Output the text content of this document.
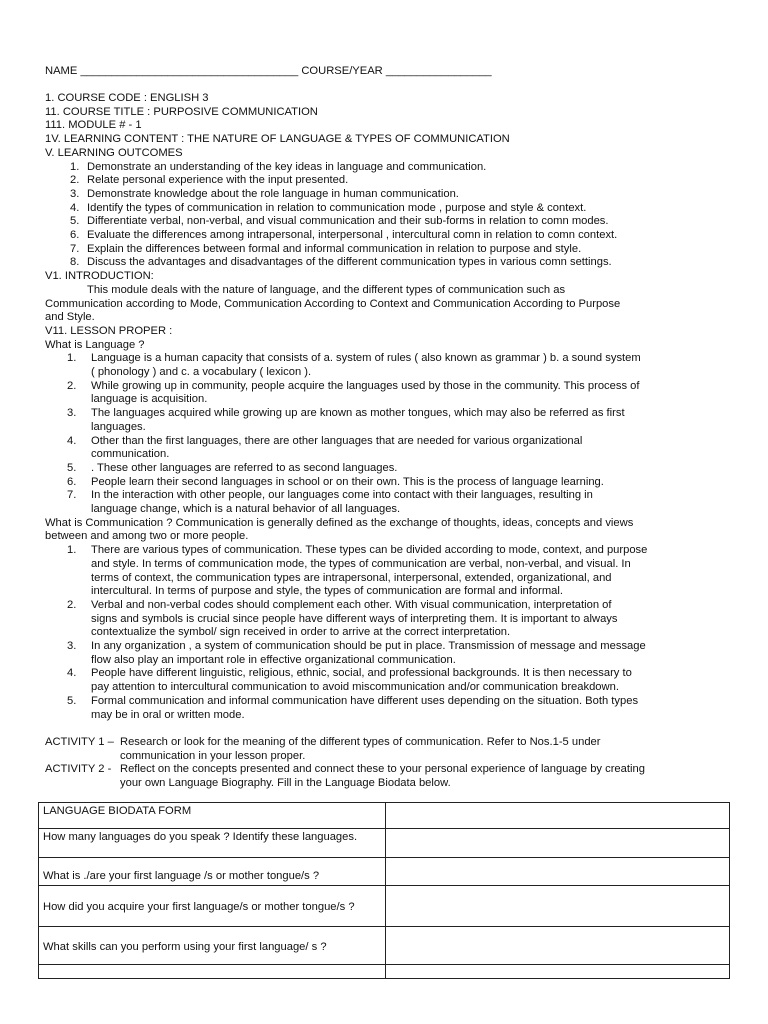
NAME ___________________________________ COURSE/YEAR _________________
1. COURSE CODE : ENGLISH 3
11. COURSE TITLE : PURPOSIVE COMMUNICATION
111. MODULE # - 1
1V. LEARNING CONTENT : THE NATURE OF LANGUAGE & TYPES OF COMMUNICATION
V. LEARNING OUTCOMES
1. Demonstrate an understanding of the key ideas in language and communication.
2. Relate personal experience with the input presented.
3. Demonstrate knowledge about the role language in human communication.
4. Identify the types of communication in relation to communication mode , purpose and style & context.
5. Differentiate verbal, non-verbal, and visual communication and their sub-forms in relation to comn modes.
6. Evaluate the differences among intrapersonal, interpersonal , intercultural comn in relation to comn context.
7. Explain the differences between formal and informal communication in relation to purpose and style.
8. Discuss the advantages and disadvantages of the different communication types in various comn settings.
V1. INTRODUCTION:
This module deals with the nature of language, and the different types of communication such as
Communication according to Mode, Communication According to Context and Communication According to Purpose
and Style.
V11. LESSON PROPER :
What is Language ?
1. Language is a human capacity that consists of a. system of rules ( also known as grammar ) b. a sound system
( phonology ) and c. a vocabulary ( lexicon ).
2. While growing up in community, people acquire the languages used by those in the community. This process of
language is acquisition.
3. The languages acquired while growing up are known as mother tongues, which may also be referred as first
languages.
4. Other than the first languages, there are other languages that are needed for various organizational
communication.
5. . These other languages are referred to as second languages.
6. People learn their second languages in school or on their own. This is the process of language learning.
7. In the interaction with other people, our languages come into contact with their languages, resulting in
language change, which is a natural behavior of all languages.
What is Communication ? Communication is generally defined as the exchange of thoughts, ideas, concepts and views
between and among two or more people.
1. There are various types of communication. These types can be divided according to mode, context, and purpose
and style. In terms of communication mode, the types of communication are verbal, non-verbal, and visual. In
terms of context, the communication types are intrapersonal, interpersonal, extended, organizational, and
intercultural. In terms of purpose and style, the types of communication are formal and informal.
2. Verbal and non-verbal codes should complement each other. With visual communication, interpretation of
signs and symbols is crucial since people have different ways of interpreting them. It is important to always
contextualize the symbol/ sign received in order to arrive at the correct interpretation.
3. In any organization , a system of communication should be put in place. Transmission of message and message
flow also play an important role in effective organizational communication.
4. People have different linguistic, religious, ethnic, social, and professional backgrounds. It is then necessary to
pay attention to intercultural communication to avoid miscommunication and/or communication breakdown.
5. Formal communication and informal communication have different uses depending on the situation. Both types
may be in oral or written mode.
ACTIVITY 1 – Research or look for the meaning of the different types of communication. Refer to Nos.1-5 under
communication in your lesson proper.
ACTIVITY 2 - Reflect on the concepts presented and connect these to your personal experience of language by creating
your own Language Biography. Fill in the Language Biodata below.
LANGUAGE BIODATA FORM	
How many languages do you speak ? Identify these languages.	
What is ./are your first language /s or mother tongue/s ?	
How did you acquire your first language/s or mother tongue/s ?	
What skills can you perform using your first language/ s ?	
